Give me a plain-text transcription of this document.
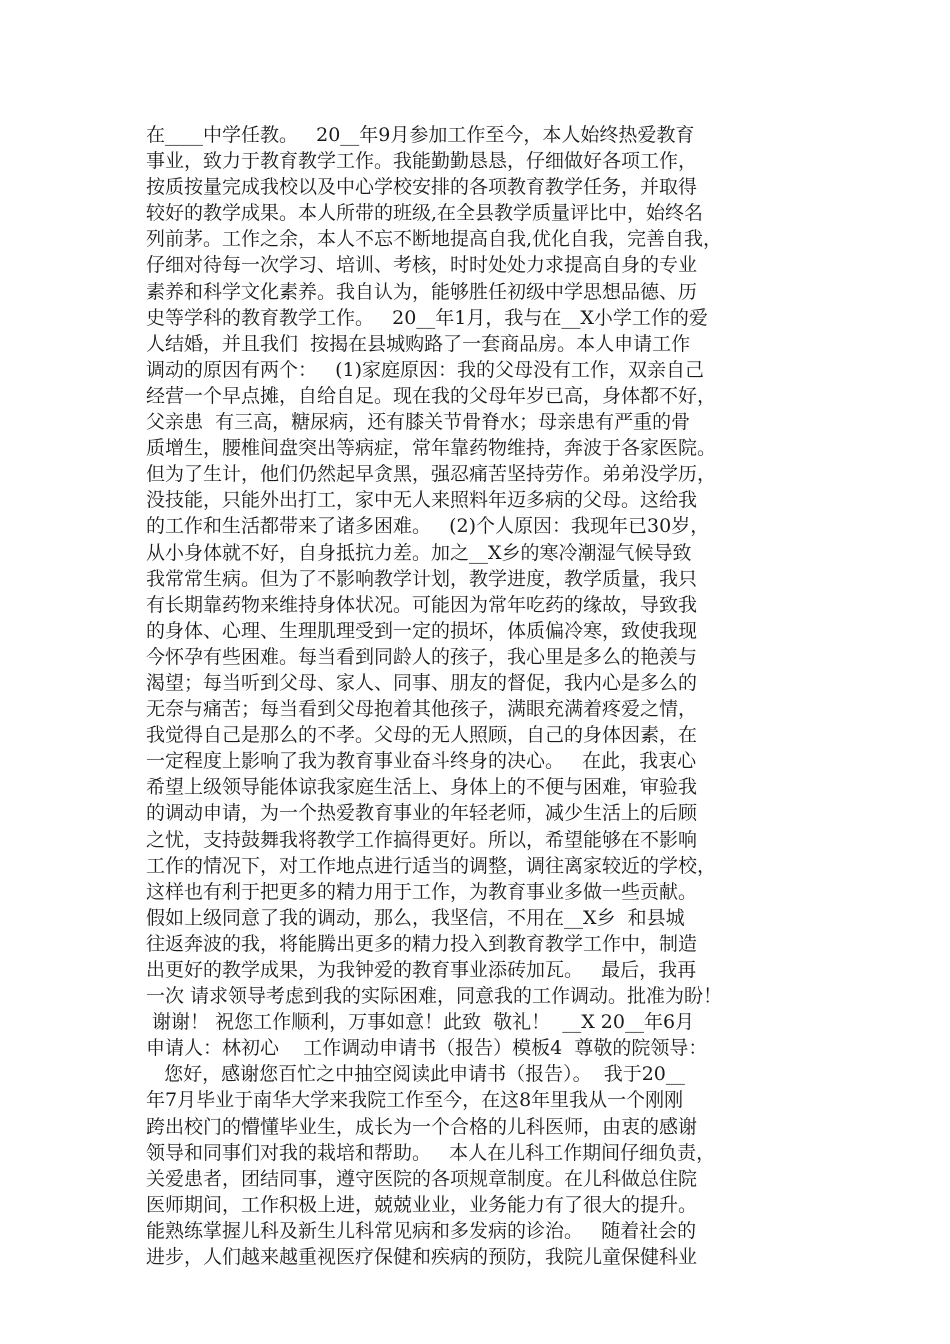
在____中学任教。   20__年9月参加工作至今，本人始终热爱教育
事业，致力于教育教学工作。我能勤勤恳恳，仔细做好各项工作，
按质按量完成我校以及中心学校安排的各项教育教学任务，并取得
较好的教学成果。本人所带的班级,在全县教学质量评比中，始终名
列前茅。工作之余，本人不忘不断地提高自我,优化自我，完善自我，
仔细对待每一次学习、培训、考核，时时处处力求提高自身的专业
素养和科学文化素养。我自认为，能够胜任初级中学思想品德、历
史等学科的教育教学工作。   20__年1月，我与在__X小学工作的爱
人结婚，并且我们  按揭在县城购路了一套商品房。本人申请工作
调动的原因有两个：   (1)家庭原因：我的父母没有工作，双亲自己
经营一个早点摊，自给自足。现在我的父母年岁已高，身体都不好，
父亲患  有三高，糖尿病，还有膝关节骨脊水；母亲患有严重的骨
质增生，腰椎间盘突出等病症，常年靠药物维持，奔波于各家医院。
但为了生计，他们仍然起早贪黑，强忍痛苦坚持劳作。弟弟没学历，
没技能，只能外出打工，家中无人来照料年迈多病的父母。这给我
的工作和生活都带来了诸多困难。   (2)个人原因：我现年已30岁，
从小身体就不好，自身抵抗力差。加之__X乡的寒冷潮湿气候导致
我常常生病。但为了不影响教学计划，教学进度，教学质量，我只
有长期靠药物来维持身体状况。可能因为常年吃药的缘故，导致我
的身体、心理、生理肌理受到一定的损坏，体质偏冷寒，致使我现
今怀孕有些困难。每当看到同龄人的孩子，我心里是多么的艳羡与
渴望；每当听到父母、家人、同事、朋友的督促，我内心是多么的
无奈与痛苦；每当看到父母抱着其他孩子，满眼充满着疼爱之情，
我觉得自己是那么的不孝。父母的无人照顾，自己的身体因素，在
一定程度上影响了我为教育事业奋斗终身的决心。   在此，我衷心
希望上级领导能体谅我家庭生活上、身体上的不便与困难，审验我
的调动申请，为一个热爱教育事业的年轻老师，减少生活上的后顾
之忧，支持鼓舞我将教学工作搞得更好。所以，希望能够在不影响
工作的情况下，对工作地点进行适当的调整，调往离家较近的学校，
这样也有利于把更多的精力用于工作，为教育事业多做一些贡献。
假如上级同意了我的调动，那么，我坚信，不用在__X乡  和县城
往返奔波的我，将能腾出更多的精力投入到教育教学工作中，制造
出更好的教学成果，为我钟爱的教育事业添砖加瓦。   最后，我再
一次 请求领导考虑到我的实际困难，同意我的工作调动。批准为盼！
谢谢！ 祝您工作顺利，万事如意！此致  敬礼！  __X 20__年6月
申请人：林初心    工作调动申请书（报告）模板4  尊敬的院领导：
您好，感谢您百忙之中抽空阅读此申请书（报告）。  我于20__
年7月毕业于南华大学来我院工作至今，在这8年里我从一个刚刚
跨出校门的懵懂毕业生，成长为一个合格的儿科医师，由衷的感谢
领导和同事们对我的栽培和帮助。   本人在儿科工作期间仔细负责，
关爱患者，团结同事，遵守医院的各项规章制度。在儿科做总住院
医师期间，工作积极上进，兢兢业业，业务能力有了很大的提升。
能熟练掌握儿科及新生儿科常见病和多发病的诊治。   随着社会的
进步，人们越来越重视医疗保健和疾病的预防，我院儿童保健科业
